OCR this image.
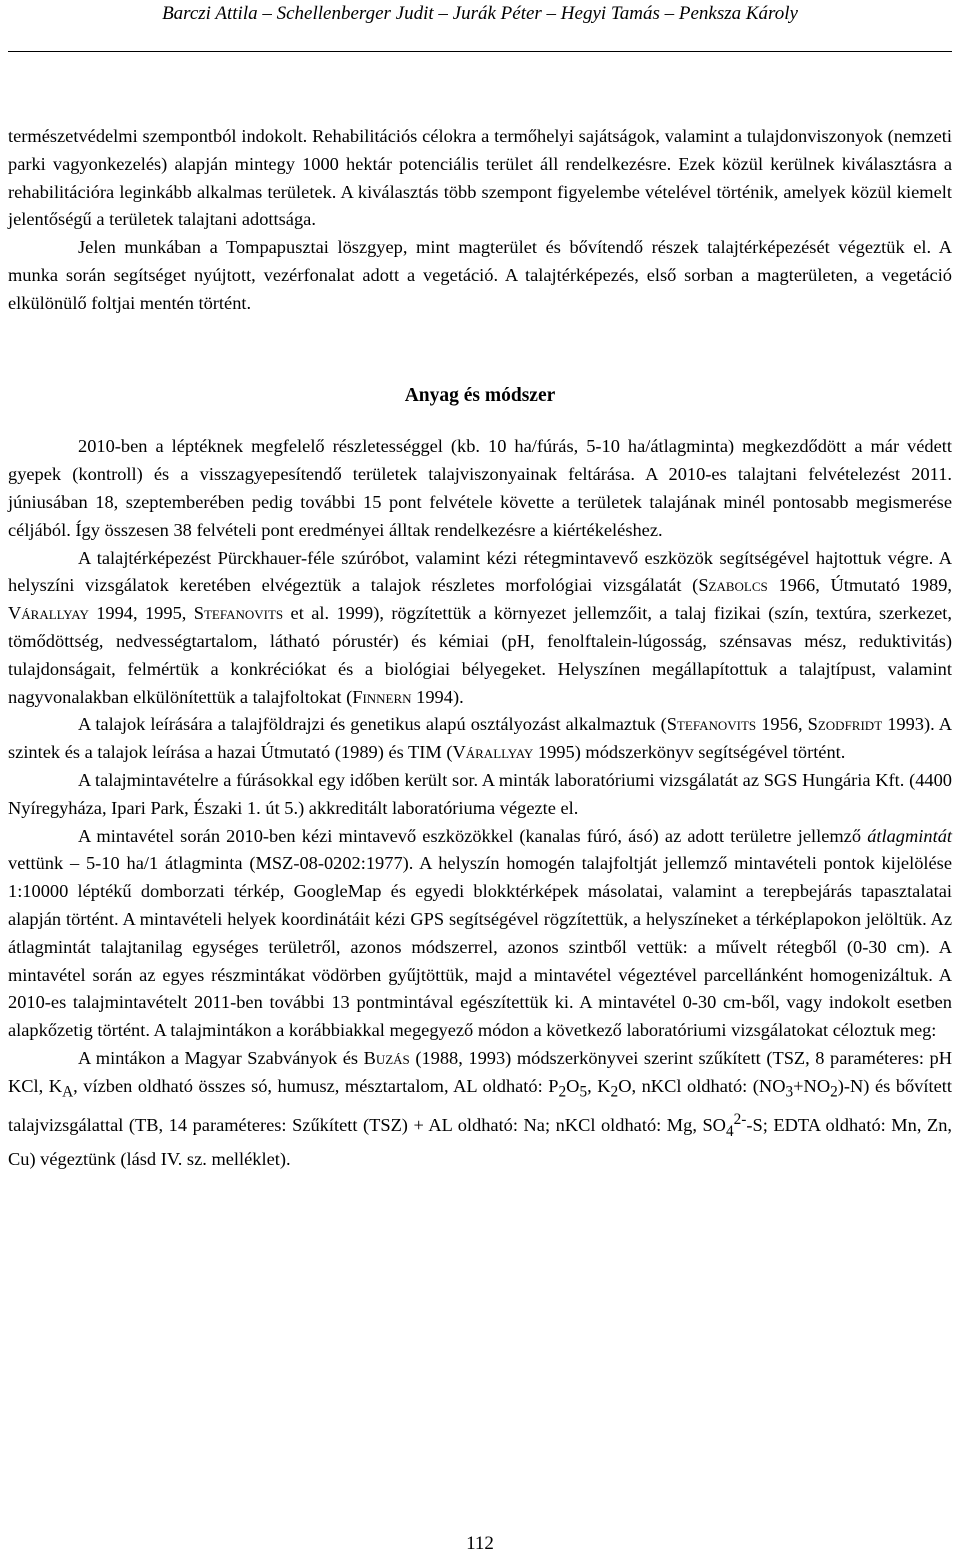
Barczi Attila – Schellenberger Judit – Jurák Péter – Hegyi Tamás – Penksza Károly

természetvédelmi szempontból indokolt. Rehabilitációs célokra a termőhelyi sajátságok, valamint a tulajdonviszonyok (nemzeti parki vagyonkezelés) alapján mintegy 1000 hektár potenciális terület áll rendelkezésre. Ezek közül kerülnek kiválasztásra a rehabilitációra leginkább alkalmas területek. A kiválasztás több szempont figyelembe vételével történik, amelyek közül kiemelt jelentőségű a területek talajtani adottsága.

Jelen munkában a Tompapusztai löszgyep, mint magterület és bővítendő részek talajtérképezését végeztük el. A munka során segítséget nyújtott, vezérfonalat adott a vegetáció. A talajtérképezés, első sorban a magterületen, a vegetáció elkülönülő foltjai mentén történt.

Anyag és módszer

2010-ben a léptéknek megfelelő részletességgel (kb. 10 ha/fúrás, 5-10 ha/átlagminta) megkezdődött a már védett gyepek (kontroll) és a visszagyepesítendő területek talajviszonyainak feltárása. A 2010-es talajtani felvételezést 2011. júniusában 18, szeptemberében pedig további 15 pont felvétele követte a területek talajának minél pontosabb megismerése céljából. Így összesen 38 felvételi pont eredményei álltak rendelkezésre a kiértékeléshez.

A talajtérképezést Pürckhauer-féle szúróbot, valamint kézi rétegmintavevő eszközök segítségével hajtottuk végre. A helyszíni vizsgálatok keretében elvégeztük a talajok részletes morfológiai vizsgálatát (Szabolcs 1966, Útmutató 1989, Várallyay 1994, 1995, Stefanovits et al. 1999), rögzítettük a környezet jellemzőit, a talaj fizikai (szín, textúra, szerkezet, tömődöttség, nedvességtartalom, látható pórustér) és kémiai (pH, fenolftalein-lúgosság, szénsavas mész, reduktivitás) tulajdonságait, felmértük a konkréciókat és a biológiai bélyegeket. Helyszínen megállapítottuk a talajtípust, valamint nagyvonalakban elkülönítettük a talajfoltokat (Finnern 1994).

A talajok leírására a talajföldrajzi és genetikus alapú osztályozást alkalmaztuk (Stefanovits 1956, Szodfridt 1993). A szintek és a talajok leírása a hazai Útmutató (1989) és TIM (Várallyay 1995) módszerkönyv segítségével történt.

A talajmintavételre a fúrásokkal egy időben került sor. A minták laboratóriumi vizsgálatát az SGS Hungária Kft. (4400 Nyíregyháza, Ipari Park, Északi 1. út 5.) akkreditált laboratóriuma végezte el.

A mintavétel során 2010-ben kézi mintavevő eszközökkel (kanalas fúró, ásó) az adott területre jellemző átlagmintát vettünk – 5-10 ha/1 átlagminta (MSZ-08-0202:1977). A helyszín homogén talajfoltját jellemző mintavételi pontok kijelölése 1:10000 léptékű domborzati térkép, GoogleMap és egyedi blokktérképek másolatai, valamint a terepbejárás tapasztalatai alapján történt. A mintavételi helyek koordinátáit kézi GPS segítségével rögzítettük, a helyszíneket a térképlapokon jelöltük. Az átlagmintát talajtanilag egységes területről, azonos módszerrel, azonos szintből vettük: a művelt rétegből (0-30 cm). A mintavétel során az egyes részmintákat vödörben gyűjtöttük, majd a mintavétel végeztével parcellánként homogenizáltuk. A 2010-es talajmintavételt 2011-ben további 13 pontmintával egészítettük ki. A mintavétel 0-30 cm-ből, vagy indokolt esetben alapkőzetig történt. A talajmintákon a korábbiakkal megegyező módon a következő laboratóriumi vizsgálatokat céloztuk meg:

A mintákon a Magyar Szabványok és Buzás (1988, 1993) módszerkönyvei szerint szűkített (TSZ, 8 paraméteres: pH KCl, $K_A$, vízben oldható összes só, humusz, mésztartalom, AL oldható: $P_2O_5$, $K_2O$, nKCl oldható: $(NO_3+NO_2)-N$) és bővített talajvizsgálattal (TB, 14 paraméteres: Szűkített (TSZ) + AL oldható: Na; nKCl oldható: Mg, $SO_4^{2-}-S$; EDTA oldható: Mn, Zn, Cu) végeztünk (lásd IV. sz. melléklet).

112
